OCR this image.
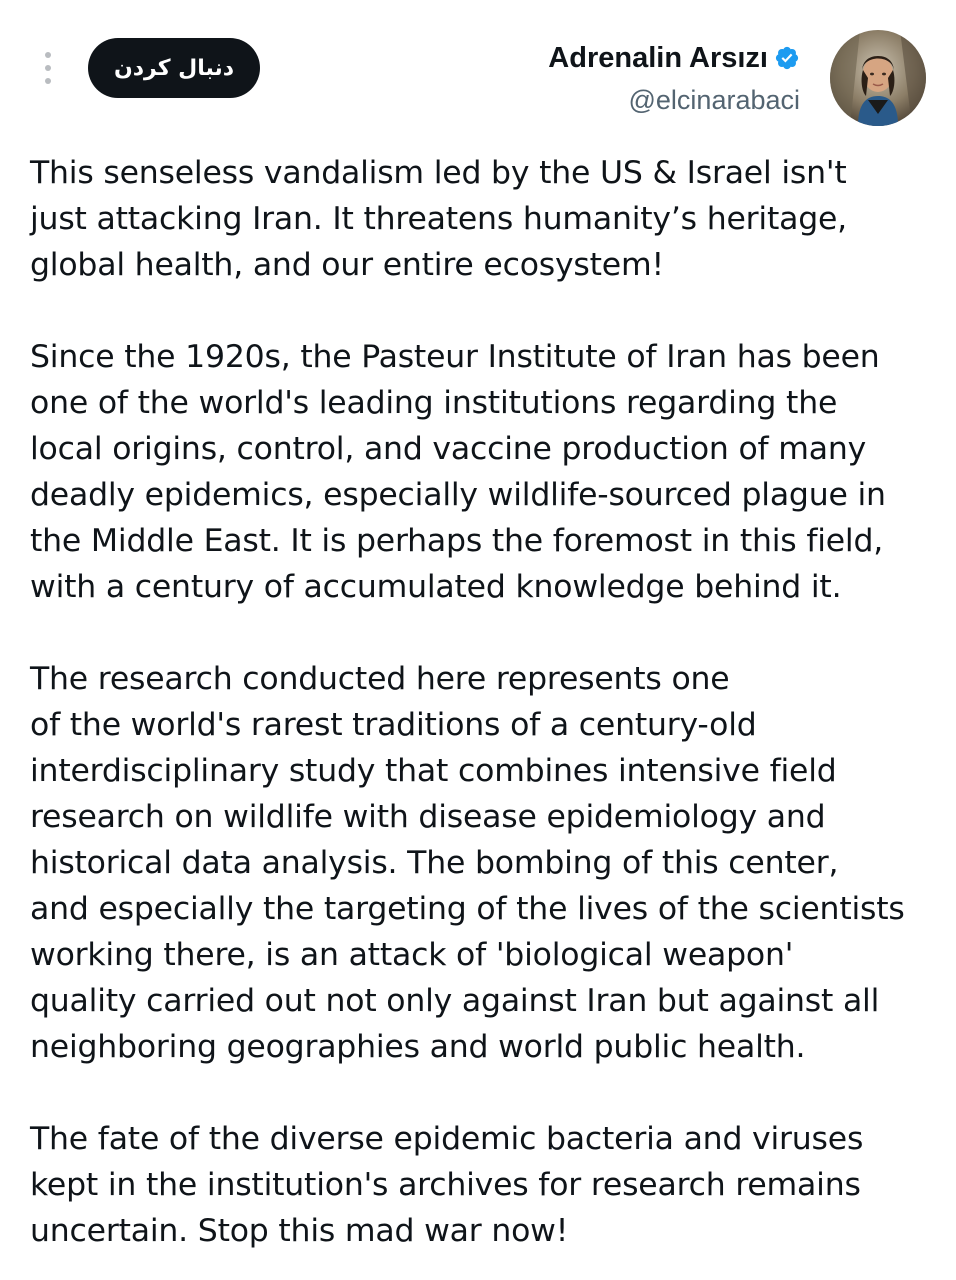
دنبال کردن	Adrenalin Arsızı
@elcinarabaci

This senseless vandalism led by the US & Israel isn't
just attacking Iran. It threatens humanity’s heritage,
global health, and our entire ecosystem!

Since the 1920s, the Pasteur Institute of Iran has been
one of the world's leading institutions regarding the
local origins, control, and vaccine production of many
deadly epidemics, especially wildlife-sourced plague in
the Middle East. It is perhaps the foremost in this field,
with a century of accumulated knowledge behind it.

The research conducted here represents one
of the world's rarest traditions of a century-old
interdisciplinary study that combines intensive field
research on wildlife with disease epidemiology and
historical data analysis. The bombing of this center,
and especially the targeting of the lives of the scientists
working there, is an attack of 'biological weapon'
quality carried out not only against Iran but against all
neighboring geographies and world public health.

The fate of the diverse epidemic bacteria and viruses
kept in the institution's archives for research remains
uncertain. Stop this mad war now!
